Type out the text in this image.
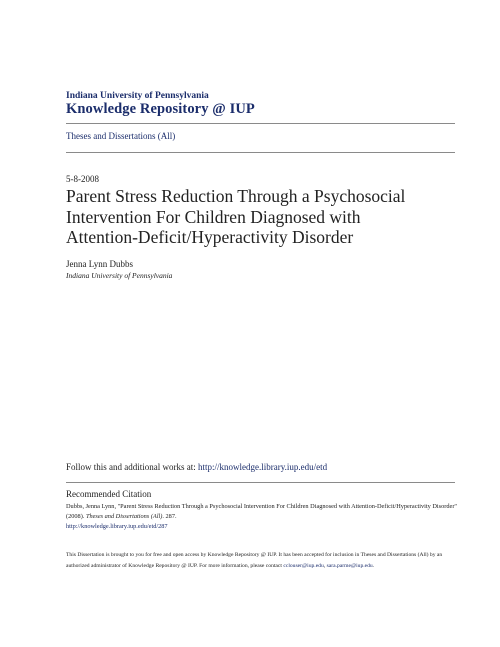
Indiana University of Pennsylvania
Knowledge Repository @ IUP
Theses and Dissertations (All)
5-8-2008
Parent Stress Reduction Through a Psychosocial
Intervention For Children Diagnosed with
Attention-Deficit/Hyperactivity Disorder
Jenna Lynn Dubbs
Indiana University of Pennsylvania
Follow this and additional works at: http://knowledge.library.iup.edu/etd
Recommended Citation
Dubbs, Jenna Lynn, "Parent Stress Reduction Through a Psychosocial Intervention For Children Diagnosed with Attention-Deficit/Hyperactivity Disorder" (2008). Theses and Dissertations (All). 287.
http://knowledge.library.iup.edu/etd/287
This Dissertation is brought to you for free and open access by Knowledge Repository @ IUP. It has been accepted for inclusion in Theses and Dissertations (All) by an authorized administrator of Knowledge Repository @ IUP. For more information, please contact cclouser@iup.edu, sara.parme@iup.edu.
